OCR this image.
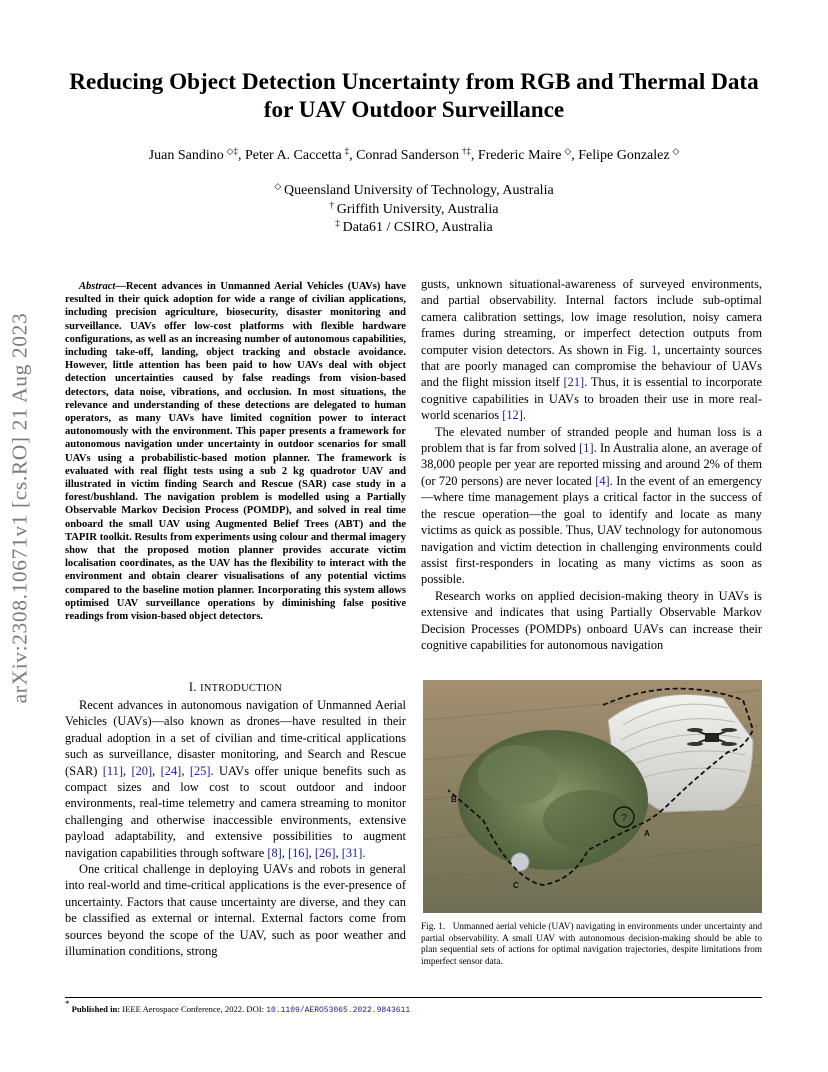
Reducing Object Detection Uncertainty from RGB and Thermal Data
for UAV Outdoor Surveillance
Juan Sandino  ◇‡, Peter A. Caccetta  ‡, Conrad Sanderson  †‡, Frederic Maire  ◇, Felipe Gonzalez  ◇
◇  Queensland University of Technology, Australia
†  Griffith University, Australia
‡  Data61 / CSIRO, Australia
arXiv:2308.10671v1 [cs.RO] 21 Aug 2023

Abstract—Recent advances in Unmanned Aerial Vehicles (UAVs) have resulted in their quick adoption for wide a range of civilian applications, including precision agriculture, biosecurity, disaster monitoring and surveillance. UAVs offer low-cost platforms with flexible hardware configurations, as well as an increasing number of autonomous capabilities, including take-off, landing, object tracking and obstacle avoidance. However, little attention has been paid to how UAVs deal with object detection uncertainties caused by false readings from vision-based detectors, data noise, vibrations, and occlusion. In most situations, the relevance and understanding of these detections are delegated to human operators, as many UAVs have limited cognition power to interact autonomously with the environment. This paper presents a framework for autonomous navigation under uncertainty in outdoor scenarios for small UAVs using a probabilistic-based motion planner. The framework is evaluated with real flight tests using a sub 2 kg quadrotor UAV and illustrated in victim finding Search and Rescue (SAR) case study in a forest/bushland. The navigation problem is modelled using a Partially Observable Markov Decision Process (POMDP), and solved in real time onboard the small UAV using Augmented Belief Trees (ABT) and the TAPIR toolkit. Results from experiments using colour and thermal imagery show that the proposed motion planner provides accurate victim localisation coordinates, as the UAV has the flexibility to interact with the environment and obtain clearer visualisations of any potential victims compared to the baseline motion planner. Incorporating this system allows optimised UAV surveillance operations by diminishing false positive readings from vision-based object detectors.

I. INTRODUCTION

Recent advances in autonomous navigation of Unmanned Aerial Vehicles (UAVs)—also known as drones—have resulted in their gradual adoption in a set of civilian and time-critical applications such as surveillance, disaster monitoring, and Search and Rescue (SAR) [11], [20], [24], [25]. UAVs offer unique benefits such as compact sizes and low cost to scout outdoor and indoor environments, real-time telemetry and camera streaming to monitor challenging and otherwise inaccessible environments, extensive payload adaptability, and extensive possibilities to augment navigation capabilities through software [8], [16], [26], [31].

One critical challenge in deploying UAVs and robots in general into real-world and time-critical applications is the ever-presence of uncertainty. Factors that cause uncertainty are diverse, and they can be classified as external or internal. External factors come from sources beyond the scope of the UAV, such as poor weather and illumination conditions, strong

gusts, unknown situational-awareness of surveyed environments, and partial observability. Internal factors include sub-optimal camera calibration settings, low image resolution, noisy camera frames during streaming, or imperfect detection outputs from computer vision detectors. As shown in Fig. 1, uncertainty sources that are poorly managed can compromise the behaviour of UAVs and the flight mission itself [21]. Thus, it is essential to incorporate cognitive capabilities in UAVs to broaden their use in more real-world scenarios [12].

The elevated number of stranded people and human loss is a problem that is far from solved [1]. In Australia alone, an average of 38,000 people per year are reported missing and around 2% of them (or 720 persons) are never located [4]. In the event of an emergency—where time management plays a critical factor in the success of the rescue operation—the goal to identify and locate as many victims as quick as possible. Thus, UAV technology for autonomous navigation and victim detection in challenging environments could assist first-responders in locating as many victims as soon as possible.

Research works on applied decision-making theory in UAVs is extensive and indicates that using Partially Observable Markov Decision Processes (POMDPs) onboard UAVs can increase their cognitive capabilities for autonomous navigation

?
A
B
C
Fig. 1. Unmanned aerial vehicle (UAV) navigating in environments under uncertainty and partial observability. A small UAV with autonomous decision-making should be able to plan sequential sets of actions for optimal navigation trajectories, despite limitations from imperfect sensor data.
* Published in: IEEE Aerospace Conference, 2022. DOI: 10.1109/AERO53065.2022.9843611
